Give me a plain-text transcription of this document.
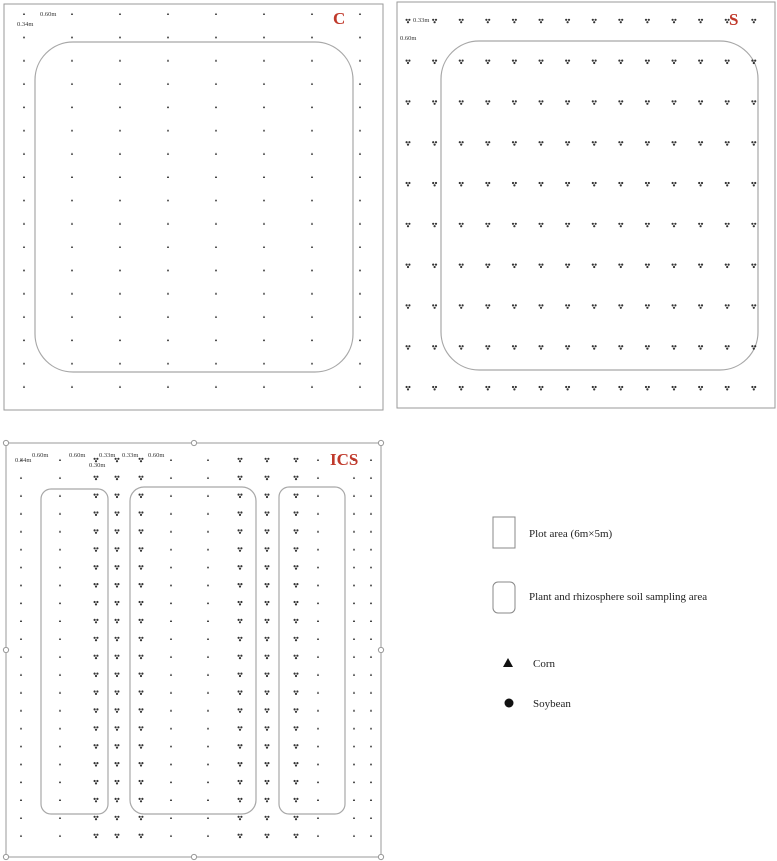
C
0.60m
0.34m	S
0.33m
0.60m
ICS
0.34m
0.60m	0.60m 0.33m 0.33m 0.60m
0.30m
Plot area (6m×5m)
Plant and rhizosphere soil sampling area
Corn
Soybean
